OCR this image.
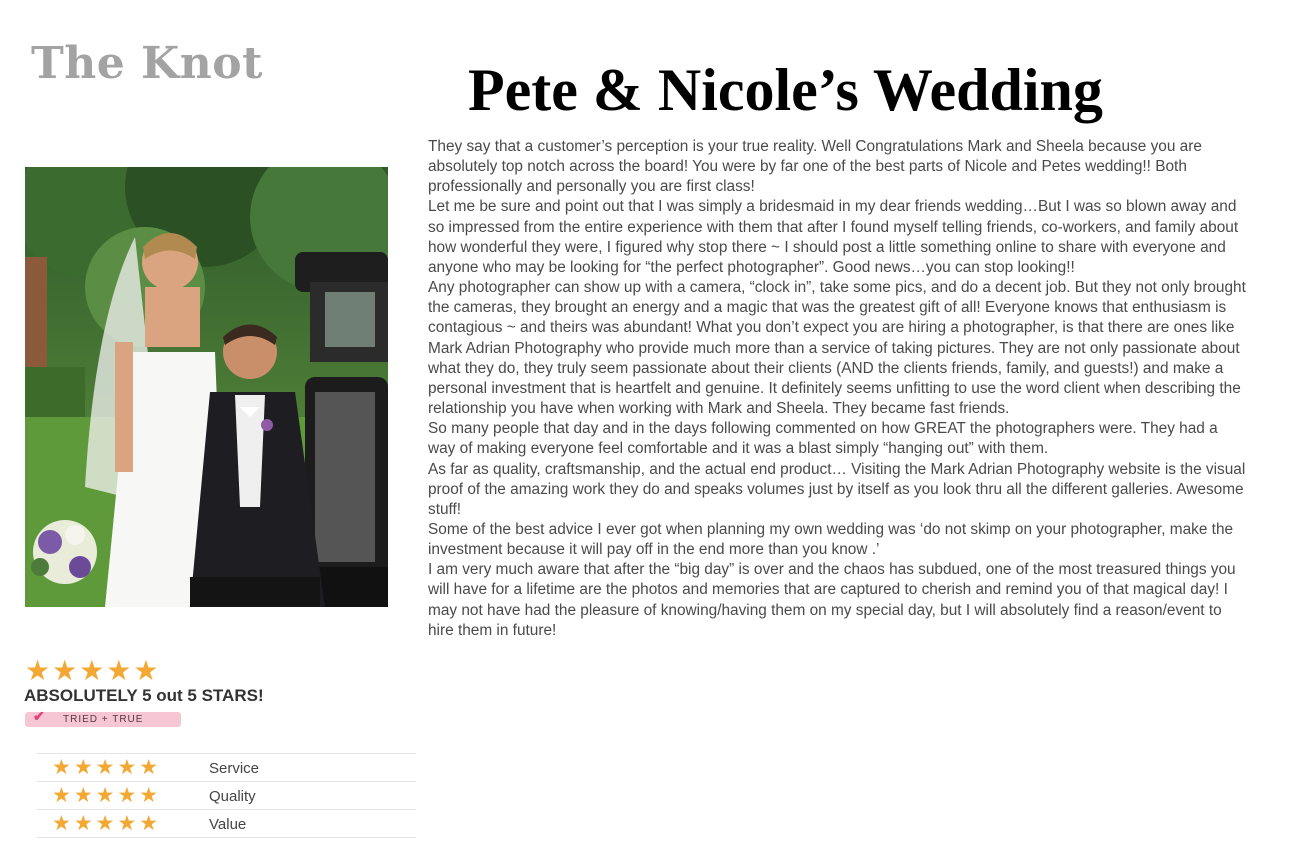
The Knot	Pete & Nicole’s Wedding

They say that a customer’s perception is your true reality. Well Congratulations Mark and Sheela because you are absolutely top notch across the board! You were by far one of the best parts of Nicole and Petes wedding!! Both professionally and personally you are first class!

Let me be sure and point out that I was simply a bridesmaid in my dear friends wedding…But I was so blown away and so impressed from the entire experience with them that after I found myself telling friends, co-workers, and family about how wonderful they were, I figured why stop there ~ I should post a little something online to share with everyone and anyone who may be looking for “the perfect photographer”. Good news…you can stop looking!!

Any photographer can show up with a camera, “clock in”, take some pics, and do a decent job. But they not only brought the cameras, they brought an energy and a magic that was the greatest gift of all! Everyone knows that enthusiasm is contagious ~ and theirs was abundant! What you don’t expect you are hiring a photographer, is that there are ones like Mark Adrian Photography who provide much more than a service of taking pictures. They are not only passionate about what they do, they truly seem passionate about their clients (AND the clients friends, family, and guests!) and make a personal investment that is heartfelt and genuine. It definitely seems unfitting to use the word client when describing the relationship you have when working with Mark and Sheela. They became fast friends.

So many people that day and in the days following commented on how GREAT the photographers were. They had a way of making everyone feel comfortable and it was a blast simply “hanging out” with them.

As far as quality, craftsmanship, and the actual end product… Visiting the Mark Adrian Photography website is the visual proof of the amazing work they do and speaks volumes just by itself as you look thru all the different galleries. Awesome stuff!

Some of the best advice I ever got when planning my own wedding was ‘do not skimp on your photographer, make the investment because it will pay off in the end more than you know .’

I am very much aware that after the “big day” is over and the chaos has subdued, one of the most treasured things you will have for a lifetime are the photos and memories that are captured to cherish and remind you of that magical day! I may not have had the pleasure of knowing/having them on my special day, but I will absolutely find a reason/event to hire them in future!

★★★★★
ABSOLUTELY 5 out 5 STARS!
✔ TRIED + TRUE
★★★★★	Service
★★★★★	Quality
★★★★★	Value
